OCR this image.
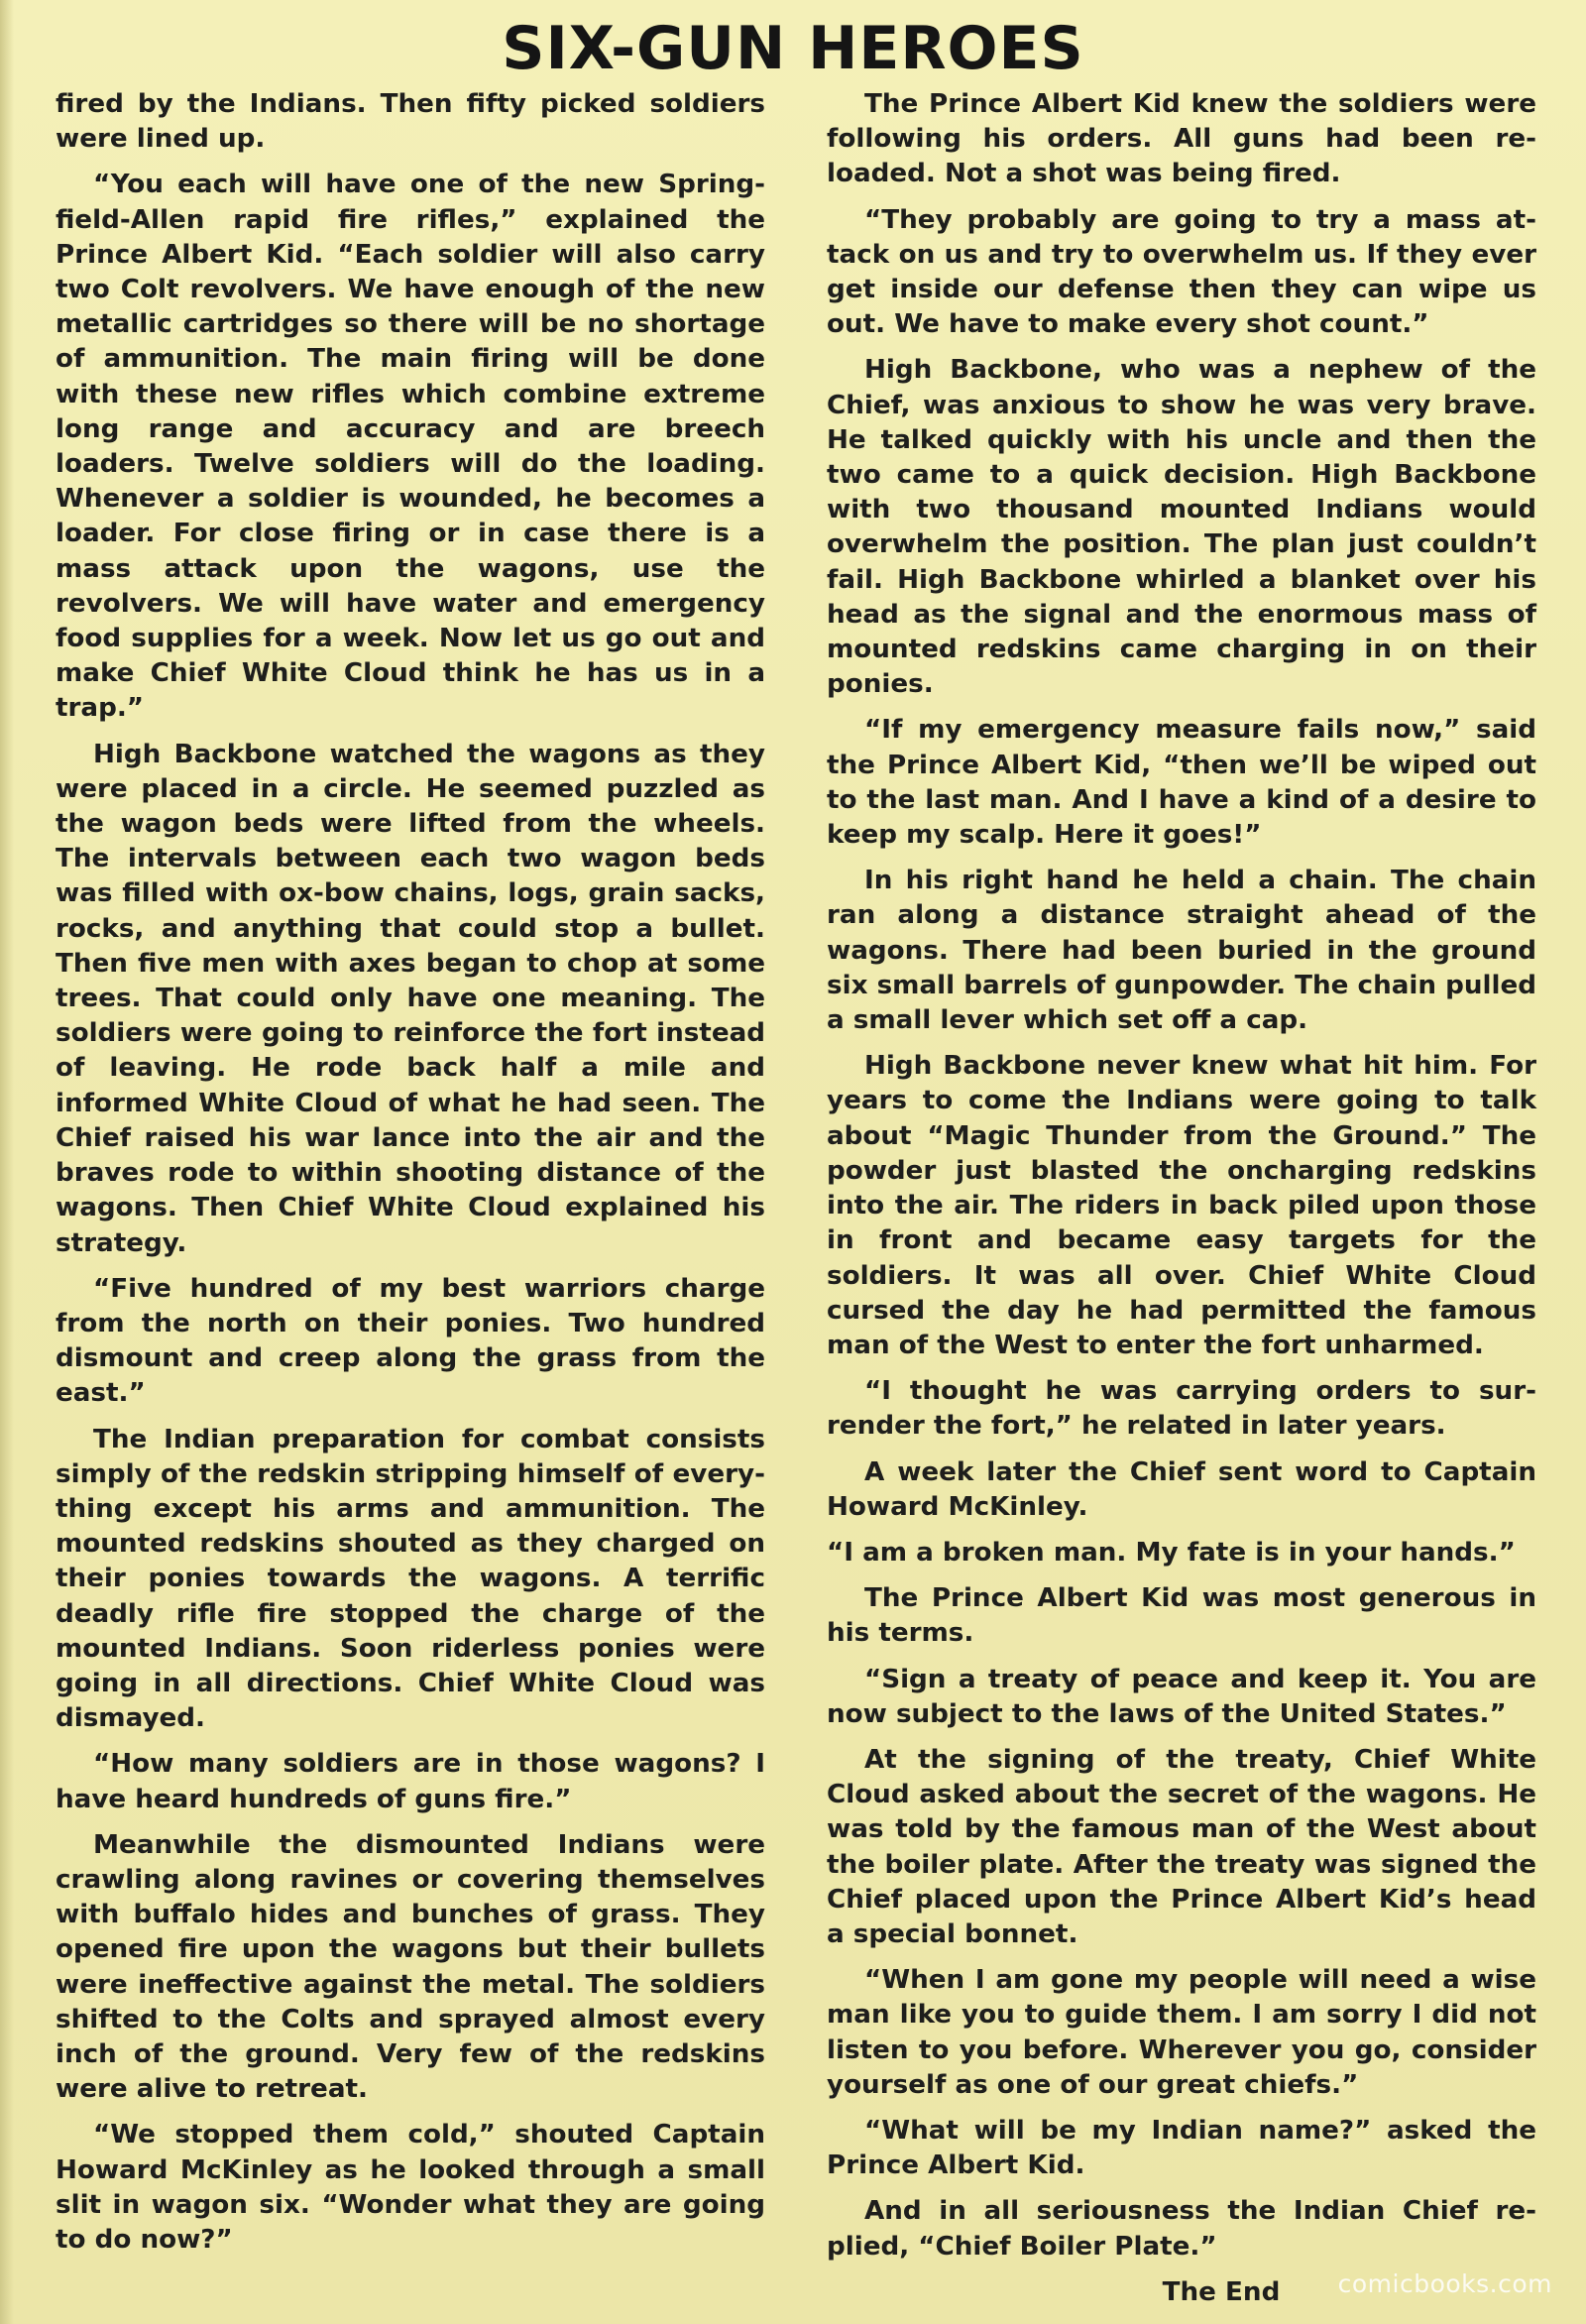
SIX-GUN HEROES

fired by the Indians. Then fifty picked soldiers were lined up.

“You each will have one of the new Springfield-Allen rapid fire rifles,” explained the Prince Albert Kid. “Each soldier will also carry two Colt revolvers. We have enough of the new metallic cartridges so there will be no shortage of ammunition. The main firing will be done with these new rifles which combine extreme long range and accuracy and are breech loaders. Twelve soldiers will do the loading. Whenever a soldier is wounded, he becomes a loader. For close firing or in case there is a mass attack upon the wagons, use the revolvers. We will have water and emergency food supplies for a week. Now let us go out and make Chief White Cloud think he has us in a trap.”

High Backbone watched the wagons as they were placed in a circle. He seemed puzzled as the wagon beds were lifted from the wheels. The intervals between each two wagon beds was filled with ox-bow chains, logs, grain sacks, rocks, and anything that could stop a bullet. Then five men with axes began to chop at some trees. That could only have one meaning. The soldiers were going to reinforce the fort instead of leaving. He rode back half a mile and informed White Cloud of what he had seen. The Chief raised his war lance into the air and the braves rode to within shooting distance of the wagons. Then Chief White Cloud explained his strategy.

“Five hundred of my best warriors charge from the north on their ponies. Two hundred dismount and creep along the grass from the east.”

The Indian preparation for combat consists simply of the redskin stripping himself of everything except his arms and ammunition. The mounted redskins shouted as they charged on their ponies towards the wagons. A terrific deadly rifle fire stopped the charge of the mounted Indians. Soon riderless ponies were going in all directions. Chief White Cloud was dismayed.

“How many soldiers are in those wagons? I have heard hundreds of guns fire.”

Meanwhile the dismounted Indians were crawling along ravines or covering themselves with buffalo hides and bunches of grass. They opened fire upon the wagons but their bullets were ineffective against the metal. The soldiers shifted to the Colts and sprayed almost every inch of the ground. Very few of the redskins were alive to retreat.

“We stopped them cold,” shouted Captain Howard McKinley as he looked through a small slit in wagon six. “Wonder what they are going to do now?”

The Prince Albert Kid knew the soldiers were following his orders. All guns had been reloaded. Not a shot was being fired.

“They probably are going to try a mass attack on us and try to overwhelm us. If they ever get inside our defense then they can wipe us out. We have to make every shot count.”

High Backbone, who was a nephew of the Chief, was anxious to show he was very brave. He talked quickly with his uncle and then the two came to a quick decision. High Backbone with two thousand mounted Indians would overwhelm the position. The plan just couldn’t fail. High Backbone whirled a blanket over his head as the signal and the enormous mass of mounted redskins came charging in on their ponies.

“If my emergency measure fails now,” said the Prince Albert Kid, “then we’ll be wiped out to the last man. And I have a kind of a desire to keep my scalp. Here it goes!”

In his right hand he held a chain. The chain ran along a distance straight ahead of the wagons. There had been buried in the ground six small barrels of gunpowder. The chain pulled a small lever which set off a cap.

High Backbone never knew what hit him. For years to come the Indians were going to talk about “Magic Thunder from the Ground.” The powder just blasted the oncharging redskins into the air. The riders in back piled upon those in front and became easy targets for the soldiers. It was all over. Chief White Cloud cursed the day he had permitted the famous man of the West to enter the fort unharmed.

“I thought he was carrying orders to surrender the fort,” he related in later years.

A week later the Chief sent word to Captain Howard McKinley.

“I am a broken man. My fate is in your hands.”

The Prince Albert Kid was most generous in his terms.

“Sign a treaty of peace and keep it. You are now subject to the laws of the United States.”

At the signing of the treaty, Chief White Cloud asked about the secret of the wagons. He was told by the famous man of the West about the boiler plate. After the treaty was signed the Chief placed upon the Prince Albert Kid’s head a special bonnet.

“When I am gone my people will need a wise man like you to guide them. I am sorry I did not listen to you before. Wherever you go, consider yourself as one of our great chiefs.”

“What will be my Indian name?” asked the Prince Albert Kid.

And in all seriousness the Indian Chief replied, “Chief Boiler Plate.”

The End	comicbooks.com
